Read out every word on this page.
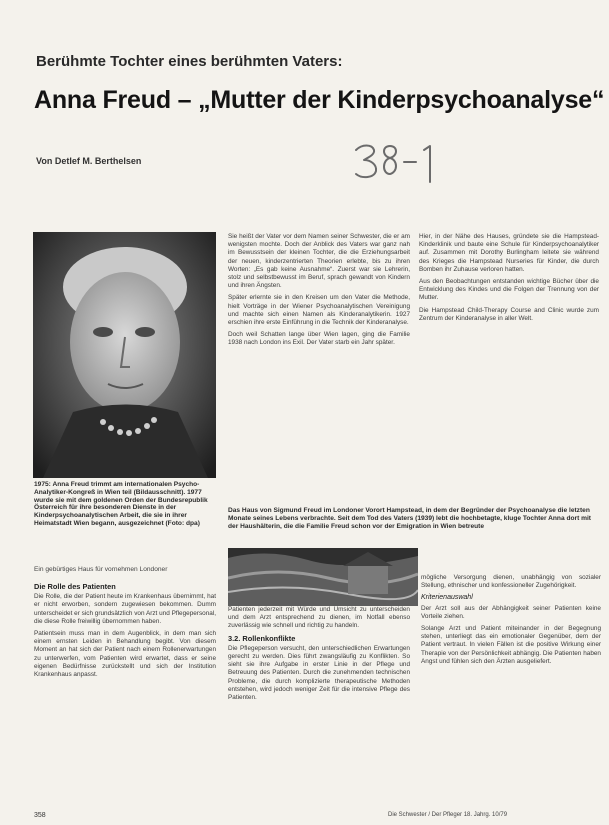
Berühmte Tochter eines berühmten Vaters:
Anna Freud – „Mutter der Kinderpsychoanalyse“
Von Detlef M. Berthelsen
1975: Anna Freud trimmt am internationalen Psycho-Analytiker-Kongreß in Wien teil (Bildausschnitt). 1977 wurde sie mit dem goldenen Orden der Bundesrepublik Österreich für ihre besonderen Dienste in der Kinderpsychoanalytischen Arbeit, die sie in ihrer Heimatstadt Wien begann, ausgezeichnet (Foto: dpa)

Sie heißt der Vater vor dem Namen seiner Schwester, die er am wenigsten mochte. Doch der Anblick des Vaters war ganz nah im Bewusstsein der kleinen Tochter, die die Erziehungsarbeit der neuen, kinderzentrierten Theorien erlebte, bis zu ihren Worten: „Es gab keine Ausnahme“. Zuerst war sie Lehrerin, stolz und selbstbewusst im Beruf, sprach gewandt von Kindern und ihren Ängsten.

Später erlernte sie in den Kreisen um den Vater die Methode, hielt Vorträge in der Wiener Psychoanalytischen Vereinigung und machte sich einen Namen als Kinderanalytikerin. 1927 erschien ihre erste Einführung in die Technik der Kinderanalyse.

Doch weil Schatten lange über Wien lagen, ging die Familie 1938 nach London ins Exil. Der Vater starb ein Jahr später.

Hier, in der Nähe des Hauses, gründete sie die Hampstead-Kinderklinik und baute eine Schule für Kinderpsychoanalytiker auf. Zusammen mit Dorothy Burlingham leitete sie während des Krieges die Hampstead Nurseries für Kinder, die durch Bomben ihr Zuhause verloren hatten.

Aus den Beobachtungen entstanden wichtige Bücher über die Entwicklung des Kindes und die Folgen der Trennung von der Mutter.

Die Hampstead Child-Therapy Course and Clinic wurde zum Zentrum der Kinderanalyse in aller Welt.

Das Haus von Sigmund Freud im Londoner Vorort Hampstead, in dem der Begründer der Psychoanalyse die letzten Monate seines Lebens verbrachte. Seit dem Tod des Vaters (1939) lebt die hochbetagte, kluge Tochter Anna dort mit der Haushälterin, die die Familie Freud schon vor der Emigration in Wien betreute
Ein gebürtiges Haus für vornehmen Londoner
Die Rolle des Patienten

Die Rolle, die der Patient heute im Krankenhaus übernimmt, hat er nicht erworben, sondern zugewiesen bekommen. Dumm unterscheidet er sich grundsätzlich von Arzt und Pflegepersonal, die diese Rolle freiwillig übernommen haben.

Patientsein muss man in dem Augenblick, in dem man sich einem ernsten Leiden in Behandlung begibt. Von diesem Moment an hat sich der Patient nach einem Rollenerwartungen zu unterwerfen, vom Patienten wird erwartet, dass er seine eigenen Bedürfnisse zurückstellt und sich der Institution Krankenhaus anpasst.

Patienten jederzeit mit Würde und Umsicht zu unterscheiden und dem Arzt entsprechend zu dienen, im Notfall ebenso zuverlässig wie schnell und richtig zu handeln.

3.2. Rollenkonflikte

Die Pflegeperson versucht, den unterschiedlichen Erwartungen gerecht zu werden. Dies führt zwangsläufig zu Konflikten. So sieht sie ihre Aufgabe in erster Linie in der Pflege und Betreuung des Patienten. Durch die zunehmenden technischen Probleme, die durch komplizierte therapeutische Methoden entstehen, wird jedoch weniger Zeit für die intensive Pflege des Patienten.

mögliche Versorgung dienen, unabhängig von sozialer Stellung, ethnischer und konfessioneller Zugehörigkeit.

Kriterienauswahl

Der Arzt soll aus der Abhängigkeit seiner Patienten keine Vorteile ziehen.

Solange Arzt und Patient miteinander in der Begegnung stehen, unterliegt das ein emotionaler Gegenüber, dem der Patient vertraut. In vielen Fällen ist die positive Wirkung einer Therapie von der Persönlichkeit abhängig. Die Patienten haben Angst und fühlen sich den Ärzten ausgeliefert.

358	Die Schwester / Der Pfleger 18. Jahrg. 10/79
